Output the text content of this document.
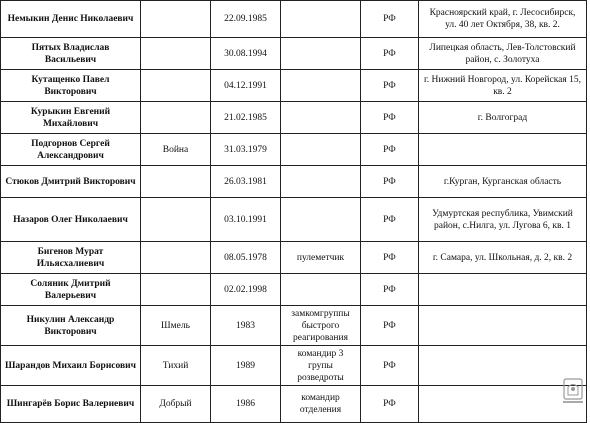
Немыкин Денис Николаевич		22.09.1985		РФ	Красноярский край, г. Лесосибирск, ул. 40 лет Октября, 38, кв. 2.
Пятых Владислав Васильевич		30.08.1994		РФ	Липецкая область, Лев-Толстовский район, с. Золотуха
Кутащенко Павел Викторович		04.12.1991		РФ	г. Нижний Новгород, ул. Корейская 15, кв. 2
Курыкин Евгений Михайлович		21.02.1985		РФ	г. Волгоград
Подгорнов Сергей Александрович	Война	31.03.1979		РФ	
Стюков Дмитрий Викторович		26.03.1981		РФ	г.Курган, Курганская область
Назаров Олег Николаевич		03.10.1991		РФ	Удмуртская республика, Увимский район, с.Нилга, ул. Лугова 6, кв. 1
Бигенов Мурат Ильясхалиевич		08.05.1978	пулеметчик	РФ	г. Самара, ул. Школьная, д. 2, кв. 2
Соляник Дмитрий Валерьевич		02.02.1998		РФ	
Никулин Александр Викторович	Шмель	1983	замкомгруппы быстрого реагирования	РФ	
Шарандов Михаил Борисович	Тихий	1989	командир 3 групы розведроты	РФ	
Шингарёв Борис Валериевич	Добрый	1986	командир отделения	РФ	
